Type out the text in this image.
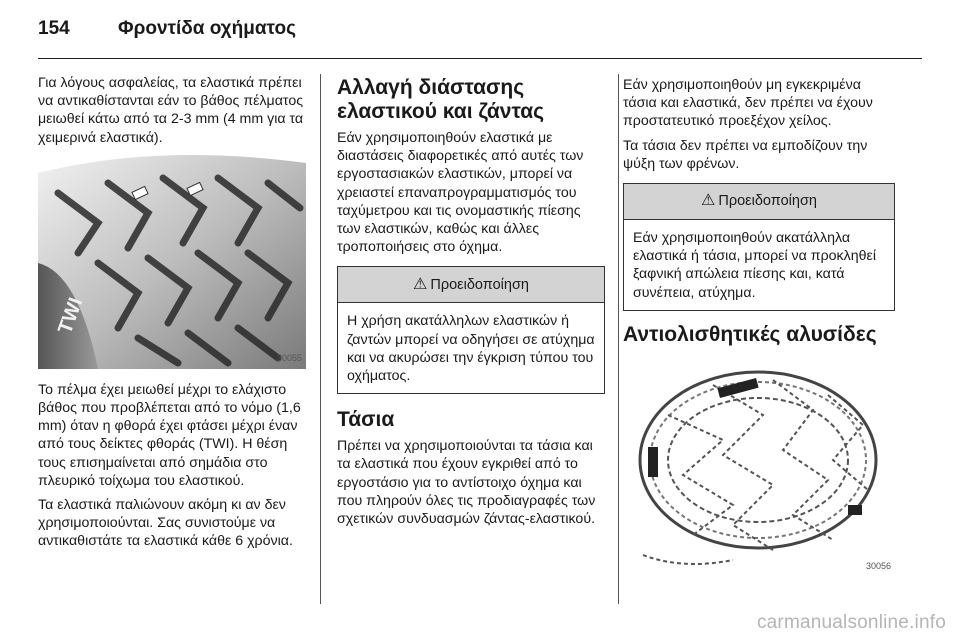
154	Φροντίδα οχήματος

Για λόγους ασφαλείας, τα ελαστικά πρέπει να αντικαθίστανται εάν το βάθος πέλματος μειωθεί κάτω από τα 2-3 mm (4 mm για τα χειμερινά ελαστικά).

TWI
30055

Το πέλμα έχει μειωθεί μέχρι το ελάχιστο βάθος που προβλέπεται από το νόμο (1,6 mm) όταν η φθορά έχει φτάσει μέχρι έναν από τους δείκτες φθοράς (TWI). Η θέση τους επισημαίνεται από σημάδια στο πλευρικό τοίχωμα του ελαστικού.

Τα ελαστικά παλιώνουν ακόμη κι αν δεν χρησιμοποιούνται. Σας συνιστούμε να αντικαθιστάτε τα ελαστικά κάθε 6 χρόνια.

Αλλαγή διάστασης ελαστικού και ζάντας

Εάν χρησιμοποιηθούν ελαστικά με διαστάσεις διαφορετικές από αυτές των εργοστασιακών ελαστικών, μπορεί να χρειαστεί επαναπρογραμματισμός του ταχύμετρου και τις ονομαστικής πίεσης των ελαστικών, καθώς και άλλες τροποποιήσεις στο όχημα.

⚠ Προειδοποίηση
Η χρήση ακατάλληλων ελαστικών ή ζαντών μπορεί να οδηγήσει σε ατύχημα και να ακυρώσει την έγκριση τύπου του οχήματος.
Τάσια

Πρέπει να χρησιμοποιούνται τα τάσια και τα ελαστικά που έχουν εγκριθεί από το εργοστάσιο για το αντίστοιχο όχημα και που πληρούν όλες τις προδιαγραφές των σχετικών συνδυασμών ζάντας-ελαστικού.

Εάν χρησιμοποιηθούν μη εγκεκριμένα τάσια και ελαστικά, δεν πρέπει να έχουν προστατευτικό προεξέχον χείλος.

Τα τάσια δεν πρέπει να εμποδίζουν την ψύξη των φρένων.

⚠ Προειδοποίηση
Εάν χρησιμοποιηθούν ακατάλληλα ελαστικά ή τάσια, μπορεί να προκληθεί ξαφνική απώλεια πίεσης και, κατά συνέπεια, ατύχημα.
Αντιολισθητικές αλυσίδες
30056
carmanualsonline.info
